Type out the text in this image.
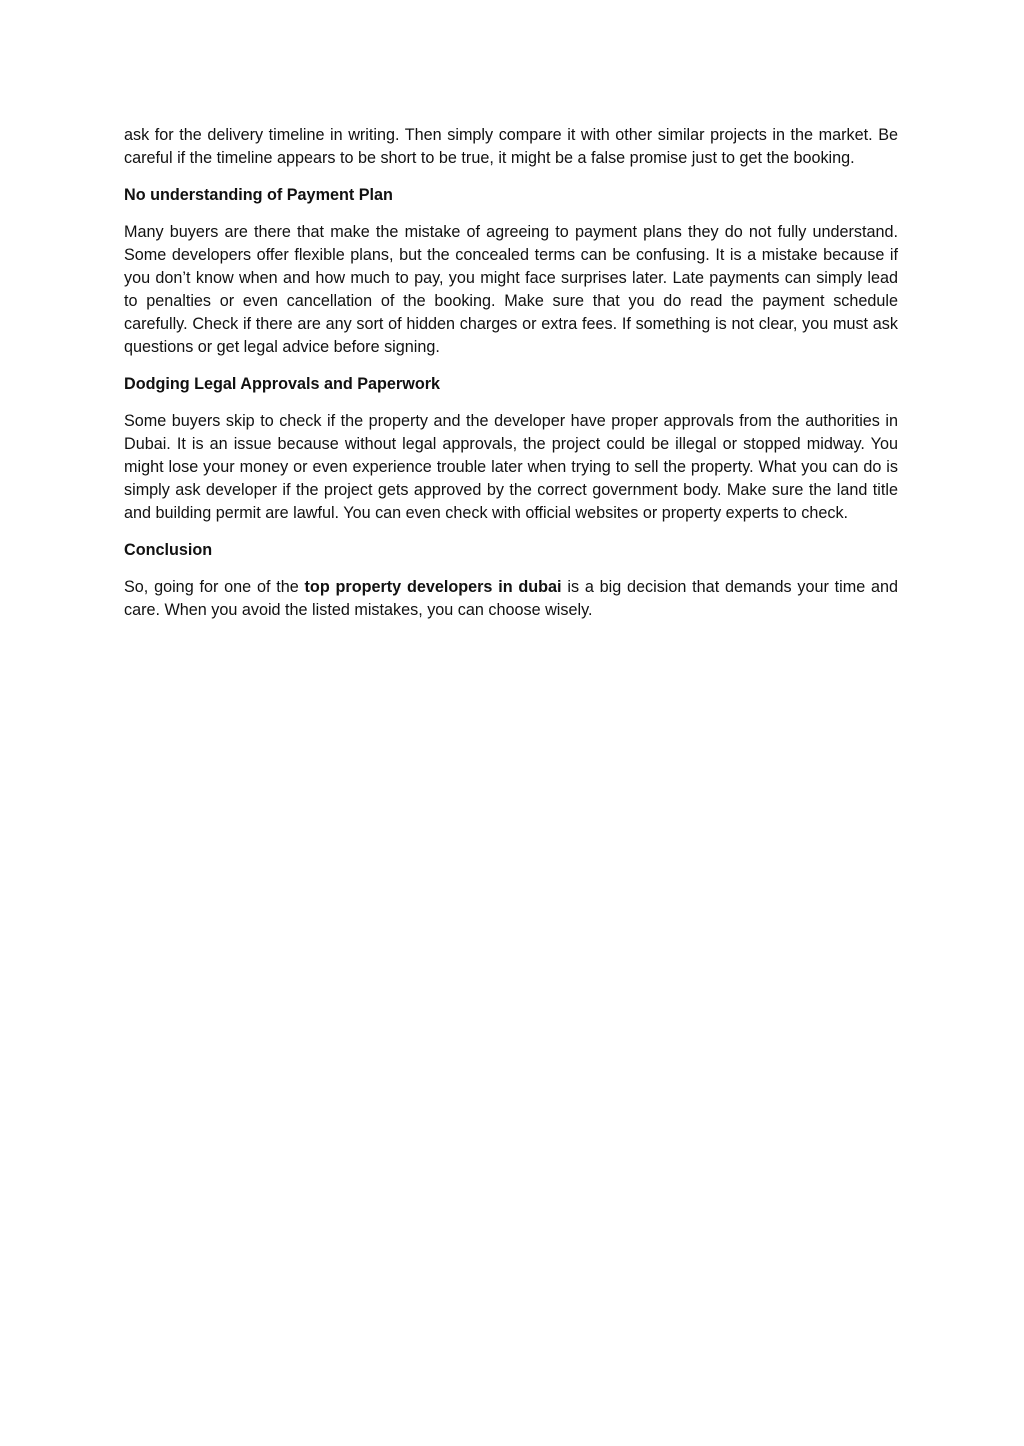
ask for the delivery timeline in writing. Then simply compare it with other similar projects in the market. Be careful if the timeline appears to be short to be true, it might be a false promise just to get the booking.

No understanding of Payment Plan

Many buyers are there that make the mistake of agreeing to payment plans they do not fully understand. Some developers offer flexible plans, but the concealed terms can be confusing. It is a mistake because if you don’t know when and how much to pay, you might face surprises later. Late payments can simply lead to penalties or even cancellation of the booking. Make sure that you do read the payment schedule carefully. Check if there are any sort of hidden charges or extra fees. If something is not clear, you must ask questions or get legal advice before signing.

Dodging Legal Approvals and Paperwork

Some buyers skip to check if the property and the developer have proper approvals from the authorities in Dubai. It is an issue because without legal approvals, the project could be illegal or stopped midway. You might lose your money or even experience trouble later when trying to sell the property. What you can do is simply ask developer if the project gets approved by the correct government body. Make sure the land title and building permit are lawful. You can even check with official websites or property experts to check.

Conclusion

So, going for one of the top property developers in dubai is a big decision that demands your time and care. When you avoid the listed mistakes, you can choose wisely.
